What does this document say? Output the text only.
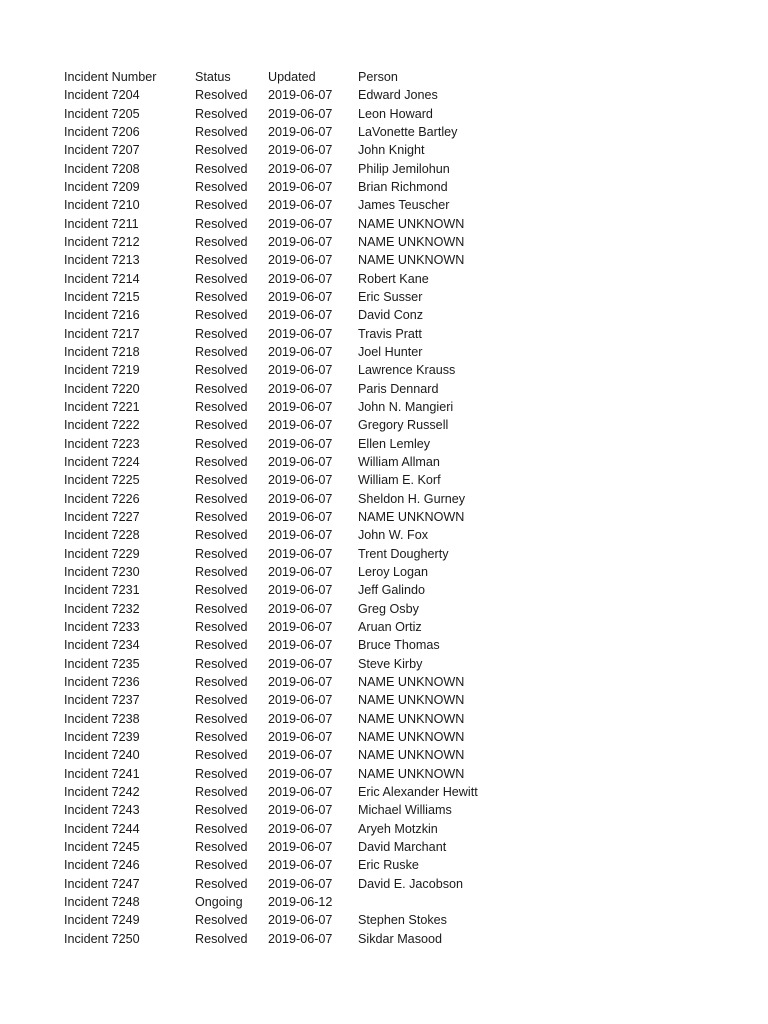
Incident Number	Status	Updated	Person
Incident 7204	Resolved	2019-06-07	Edward Jones
Incident 7205	Resolved	2019-06-07	Leon Howard
Incident 7206	Resolved	2019-06-07	LaVonette Bartley
Incident 7207	Resolved	2019-06-07	John Knight
Incident 7208	Resolved	2019-06-07	Philip Jemilohun
Incident 7209	Resolved	2019-06-07	Brian Richmond
Incident 7210	Resolved	2019-06-07	James Teuscher
Incident 7211	Resolved	2019-06-07	NAME UNKNOWN
Incident 7212	Resolved	2019-06-07	NAME UNKNOWN
Incident 7213	Resolved	2019-06-07	NAME UNKNOWN
Incident 7214	Resolved	2019-06-07	Robert Kane
Incident 7215	Resolved	2019-06-07	Eric Susser
Incident 7216	Resolved	2019-06-07	David Conz
Incident 7217	Resolved	2019-06-07	Travis Pratt
Incident 7218	Resolved	2019-06-07	Joel Hunter
Incident 7219	Resolved	2019-06-07	Lawrence Krauss
Incident 7220	Resolved	2019-06-07	Paris Dennard
Incident 7221	Resolved	2019-06-07	John N. Mangieri
Incident 7222	Resolved	2019-06-07	Gregory Russell
Incident 7223	Resolved	2019-06-07	Ellen Lemley
Incident 7224	Resolved	2019-06-07	William Allman
Incident 7225	Resolved	2019-06-07	William E. Korf
Incident 7226	Resolved	2019-06-07	Sheldon H. Gurney
Incident 7227	Resolved	2019-06-07	NAME UNKNOWN
Incident 7228	Resolved	2019-06-07	John W. Fox
Incident 7229	Resolved	2019-06-07	Trent Dougherty
Incident 7230	Resolved	2019-06-07	Leroy Logan
Incident 7231	Resolved	2019-06-07	Jeff Galindo
Incident 7232	Resolved	2019-06-07	Greg Osby
Incident 7233	Resolved	2019-06-07	Aruan Ortiz
Incident 7234	Resolved	2019-06-07	Bruce Thomas
Incident 7235	Resolved	2019-06-07	Steve Kirby
Incident 7236	Resolved	2019-06-07	NAME UNKNOWN
Incident 7237	Resolved	2019-06-07	NAME UNKNOWN
Incident 7238	Resolved	2019-06-07	NAME UNKNOWN
Incident 7239	Resolved	2019-06-07	NAME UNKNOWN
Incident 7240	Resolved	2019-06-07	NAME UNKNOWN
Incident 7241	Resolved	2019-06-07	NAME UNKNOWN
Incident 7242	Resolved	2019-06-07	Eric Alexander Hewitt
Incident 7243	Resolved	2019-06-07	Michael Williams
Incident 7244	Resolved	2019-06-07	Aryeh Motzkin
Incident 7245	Resolved	2019-06-07	David Marchant
Incident 7246	Resolved	2019-06-07	Eric Ruske
Incident 7247	Resolved	2019-06-07	David E. Jacobson
Incident 7248	Ongoing	2019-06-12	
Incident 7249	Resolved	2019-06-07	Stephen Stokes
Incident 7250	Resolved	2019-06-07	Sikdar Masood
